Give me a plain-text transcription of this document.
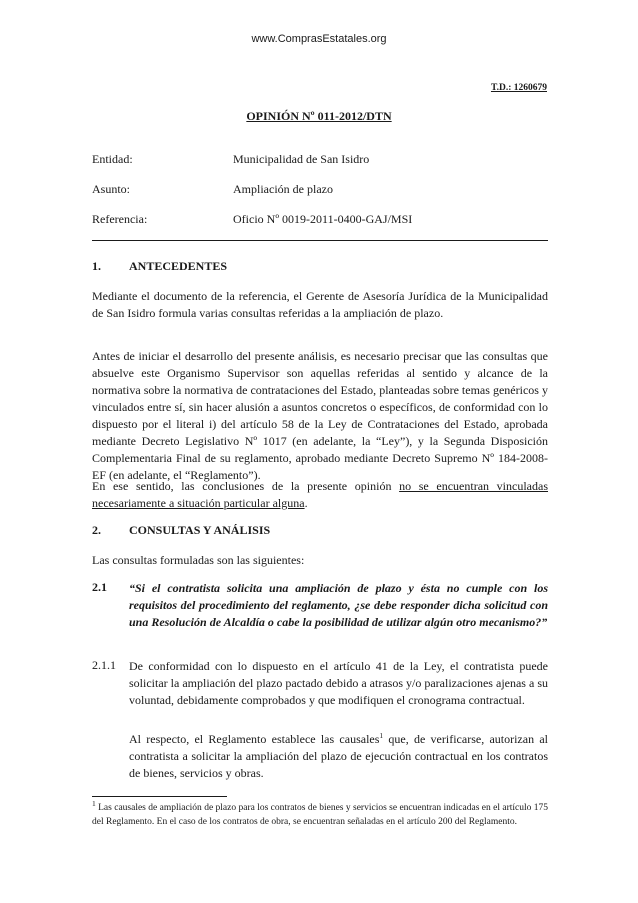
www.ComprasEstatales.org
T.D.: 1260679
OPINIÓN Nº 011-2012/DTN
Entidad:	Municipalidad de San Isidro
Asunto:	Ampliación de plazo
Referencia:	Oficio Nº 0019-2011-0400-GAJ/MSI
1. ANTECEDENTES
Mediante el documento de la referencia, el Gerente de Asesoría Jurídica de la Municipalidad de San Isidro formula varias consultas referidas a la ampliación de plazo.
Antes de iniciar el desarrollo del presente análisis, es necesario precisar que las consultas que absuelve este Organismo Supervisor son aquellas referidas al sentido y alcance de la normativa sobre la normativa de contrataciones del Estado, planteadas sobre temas genéricos y vinculados entre sí, sin hacer alusión a asuntos concretos o específicos, de conformidad con lo dispuesto por el literal i) del artículo 58 de la Ley de Contrataciones del Estado, aprobada mediante Decreto Legislativo Nº 1017 (en adelante, la “Ley”), y la Segunda Disposición Complementaria Final de su reglamento, aprobado mediante Decreto Supremo Nº 184-2008-EF (en adelante, el “Reglamento”).
En ese sentido, las conclusiones de la presente opinión no se encuentran vinculadas necesariamente a situación particular alguna.
2. CONSULTAS Y ANÁLISIS
Las consultas formuladas son las siguientes:
2.1 “Si el contratista solicita una ampliación de plazo y ésta no cumple con los requisitos del procedimiento del reglamento, ¿se debe responder dicha solicitud con una Resolución de Alcaldía o cabe la posibilidad de utilizar algún otro mecanismo?”
2.1.1 De conformidad con lo dispuesto en el artículo 41 de la Ley, el contratista puede solicitar la ampliación del plazo pactado debido a atrasos y/o paralizaciones ajenas a su voluntad, debidamente comprobados y que modifiquen el cronograma contractual.
Al respecto, el Reglamento establece las causales$^1$ que, de verificarse, autorizan al contratista a solicitar la ampliación del plazo de ejecución contractual en los contratos de bienes, servicios y obras.
$^1$ Las causales de ampliación de plazo para los contratos de bienes y servicios se encuentran indicadas en el artículo 175 del Reglamento. En el caso de los contratos de obra, se encuentran señaladas en el artículo 200 del Reglamento.
